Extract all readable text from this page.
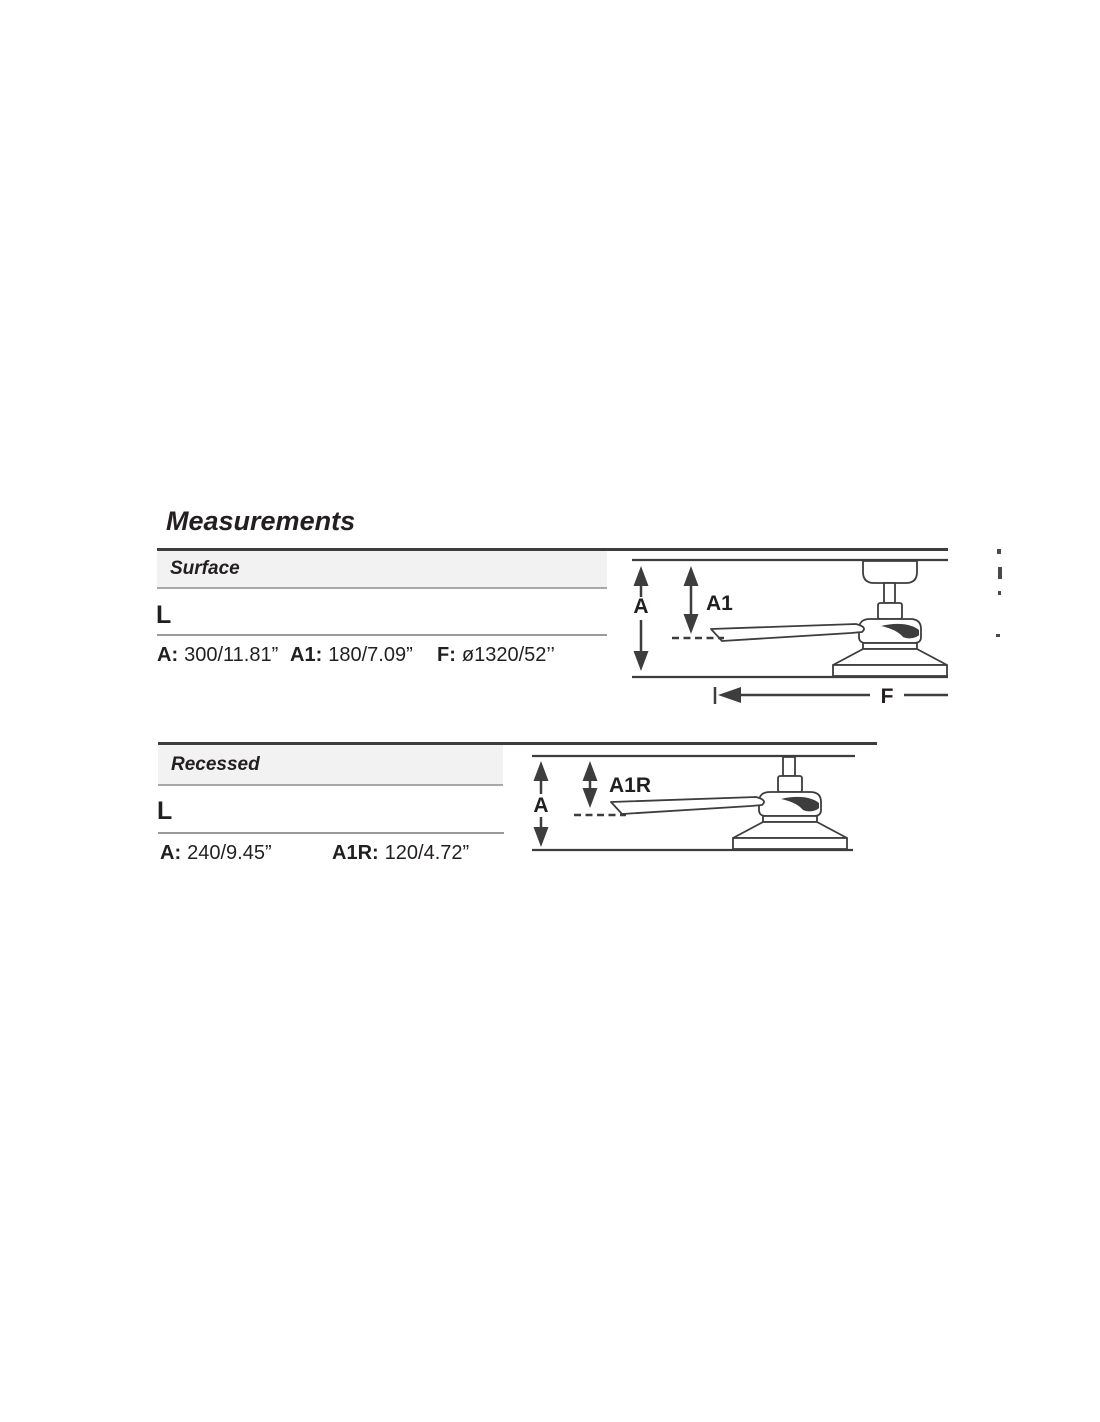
Measurements
Surface
L
A: 300/11.81” A1: 180/7.09” F: ø1320/52’’
Recessed
L
A: 240/9.45”	A1R: 120/4.72”
A	A1
F
A
A1R
